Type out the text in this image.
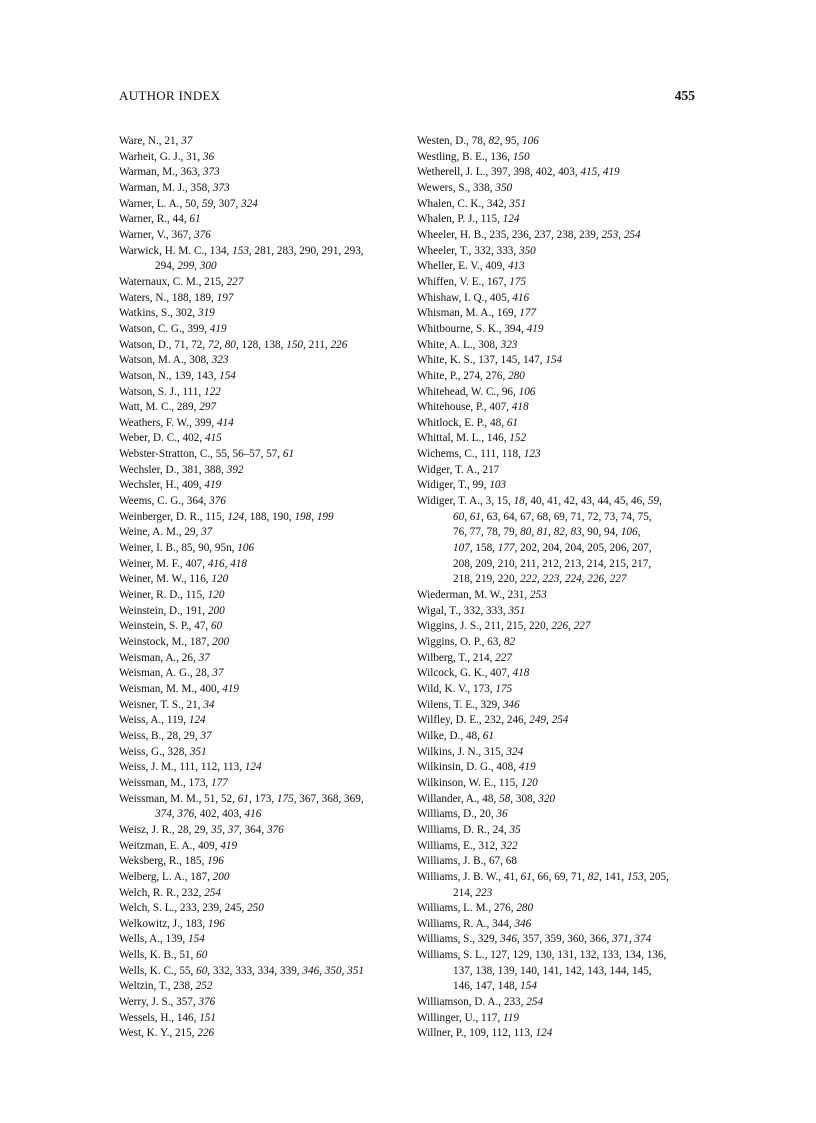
AUTHOR INDEX	455
Ware, N., 21, 37
Warheit, G. J., 31, 36
Warman, M., 363, 373
Warman, M. J., 358, 373
Warner, L. A., 50, 59, 307, 324
Warner, R., 44, 61
Warner, V., 367, 376
Warwick, H. M. C., 134, 153, 281, 283, 290, 291, 293,
294, 299, 300
Waternaux, C. M., 215, 227
Waters, N., 188, 189, 197
Watkins, S., 302, 319
Watson, C. G., 399, 419
Watson, D., 71, 72, 72, 80, 128, 138, 150, 211, 226
Watson, M. A., 308, 323
Watson, N., 139, 143, 154
Watson, S. J., 111, 122
Watt, M. C., 289, 297
Weathers, F. W., 399, 414
Weber, D. C., 402, 415
Webster-Stratton, C., 55, 56–57, 57, 61
Wechsler, D., 381, 388, 392
Wechsler, H., 409, 419
Weems, C. G., 364, 376
Weinberger, D. R., 115, 124, 188, 190, 198, 199
Weine, A. M., 29, 37
Weiner, I. B., 85, 90, 95n, 106
Weiner, M. F., 407, 416, 418
Weiner, M. W., 116, 120
Weiner, R. D., 115, 120
Weinstein, D., 191, 200
Weinstein, S. P., 47, 60
Weinstock, M., 187, 200
Weisman, A., 26, 37
Weisman, A. G., 28, 37
Weisman, M. M., 400, 419
Weisner, T. S., 21, 34
Weiss, A., 119, 124
Weiss, B., 28, 29, 37
Weiss, G., 328, 351
Weiss, J. M., 111, 112, 113, 124
Weissman, M., 173, 177
Weissman, M. M., 51, 52, 61, 173, 175, 367, 368, 369,
374, 376, 402, 403, 416
Weisz, J. R., 28, 29, 35, 37, 364, 376
Weitzman, E. A., 409, 419
Weksberg, R., 185, 196
Welberg, L. A., 187, 200
Welch, R. R., 232, 254
Welch, S. L., 233, 239, 245, 250
Welkowitz, J., 183, 196
Wells, A., 139, 154
Wells, K. B., 51, 60
Wells, K. C., 55, 60, 332, 333, 334, 339, 346, 350, 351
Weltzin, T., 238, 252
Werry, J. S., 357, 376
Wessels, H., 146, 151
West, K. Y., 215, 226
Westen, D., 78, 82, 95, 106
Westling, B. E., 136, 150
Wetherell, J. L., 397, 398, 402, 403, 415, 419
Wewers, S., 338, 350
Whalen, C. K., 342, 351
Whalen, P. J., 115, 124
Wheeler, H. B., 235, 236, 237, 238, 239, 253, 254
Wheeler, T., 332, 333, 350
Wheller, E. V., 409, 413
Whiffen, V. E., 167, 175
Whishaw, I. Q., 405, 416
Whisman, M. A., 169, 177
Whitbourne, S. K., 394, 419
White, A. L., 308, 323
White, K. S., 137, 145, 147, 154
White, P., 274, 276, 280
Whitehead, W. C., 96, 106
Whitehouse, P., 407, 418
Whitlock, E. P., 48, 61
Whittal, M. L., 146, 152
Wichems, C., 111, 118, 123
Widger, T. A., 217
Widiger, T., 99, 103
Widiger, T. A., 3, 15, 18, 40, 41, 42, 43, 44, 45, 46, 59,
60, 61, 63, 64, 67, 68, 69, 71, 72, 73, 74, 75,
76, 77, 78, 79, 80, 81, 82, 83, 90, 94, 106,
107, 158, 177, 202, 204, 204, 205, 206, 207,
208, 209, 210, 211, 212, 213, 214, 215, 217,
218, 219, 220, 222, 223, 224, 226, 227
Wiederman, M. W., 231, 253
Wigal, T., 332, 333, 351
Wiggins, J. S., 211, 215, 220, 226, 227
Wiggins, O. P., 63, 82
Wilberg, T., 214, 227
Wilcock, G. K., 407, 418
Wild, K. V., 173, 175
Wilens, T. E., 329, 346
Wilfley, D. E., 232, 246, 249, 254
Wilke, D., 48, 61
Wilkins, J. N., 315, 324
Wilkinsin, D. G., 408, 419
Wilkinson, W. E., 115, 120
Willander, A., 48, 58, 308, 320
Williams, D., 20, 36
Williams, D. R., 24, 35
Williams, E., 312, 322
Williams, J. B., 67, 68
Williams, J. B. W., 41, 61, 66, 69, 71, 82, 141, 153, 205,
214, 223
Williams, L. M., 276, 280
Williams, R. A., 344, 346
Williams, S., 329, 346, 357, 359, 360, 366, 371, 374
Williams, S. L., 127, 129, 130, 131, 132, 133, 134, 136,
137, 138, 139, 140, 141, 142, 143, 144, 145,
146, 147, 148, 154
Williamson, D. A., 233, 254
Willinger, U., 117, 119
Willner, P., 109, 112, 113, 124
